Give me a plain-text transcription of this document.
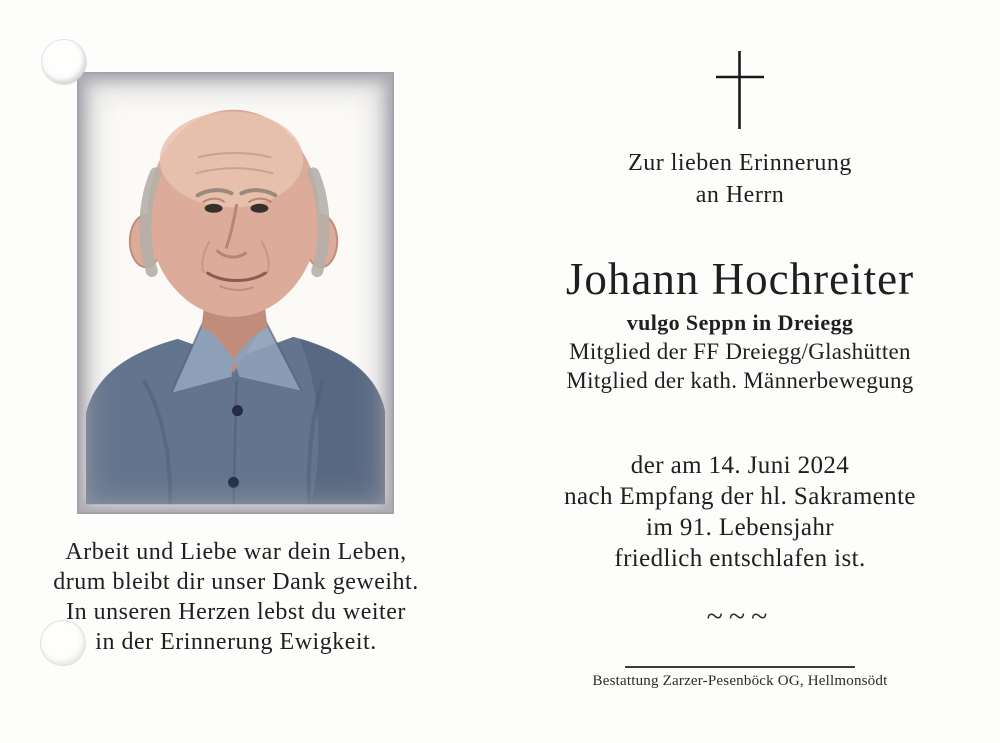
Arbeit und Liebe war dein Leben,
drum bleibt dir unser Dank geweiht.
In unseren Herzen lebst du weiter
in der Erinnerung Ewigkeit.
Zur lieben Erinnerung
an Herrn
Johann Hochreiter
vulgo Seppn in Dreiegg
Mitglied der FF Dreiegg/Glashütten
Mitglied der kath. Männerbewegung
der am 14. Juni 2024
nach Empfang der hl. Sakramente
im 91. Lebensjahr
friedlich entschlafen ist.
~~~
Bestattung Zarzer-Pesenböck OG, Hellmonsödt
